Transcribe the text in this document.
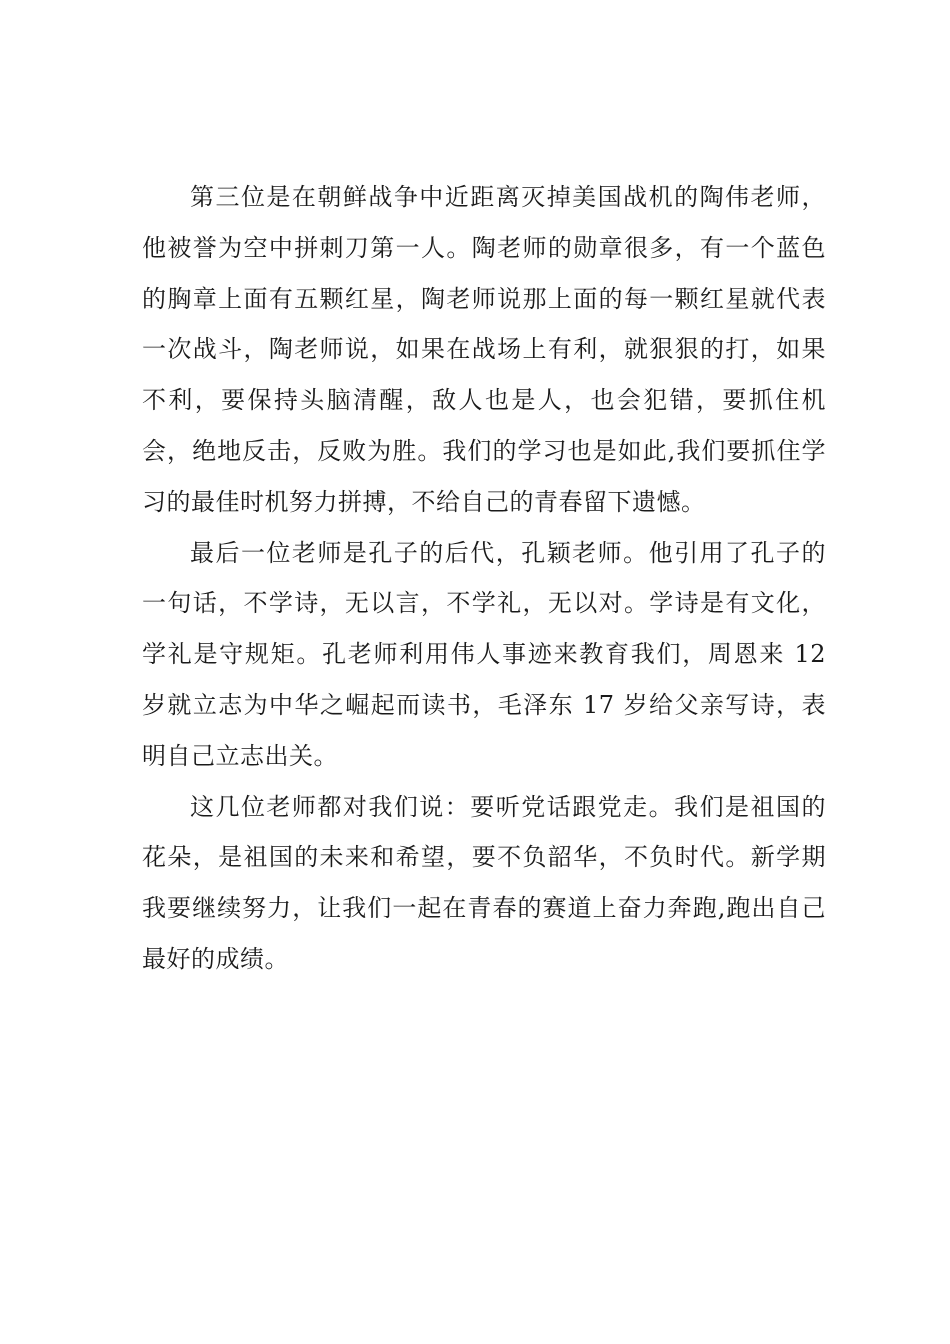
第三位是在朝鲜战争中近距离灭掉美国战机的陶伟老师，他被誉为空中拼刺刀第一人。陶老师的勋章很多，有一个蓝色的胸章上面有五颗红星，陶老师说那上面的每一颗红星就代表一次战斗，陶老师说，如果在战场上有利，就狠狠的打，如果不利，要保持头脑清醒，敌人也是人，也会犯错，要抓住机会，绝地反击，反败为胜。我们的学习也是如此,我们要抓住学习的最佳时机努力拼搏，不给自己的青春留下遗憾。

最后一位老师是孔子的后代，孔颖老师。他引用了孔子的一句话，不学诗，无以言，不学礼，无以对。学诗是有文化，学礼是守规矩。孔老师利用伟人事迹来教育我们，周恩来 12 岁就立志为中华之崛起而读书，毛泽东 17 岁给父亲写诗，表明自己立志出关。

这几位老师都对我们说：要听党话跟党走。我们是祖国的花朵，是祖国的未来和希望，要不负韶华，不负时代。新学期我要继续努力，让我们一起在青春的赛道上奋力奔跑,跑出自己最好的成绩。
